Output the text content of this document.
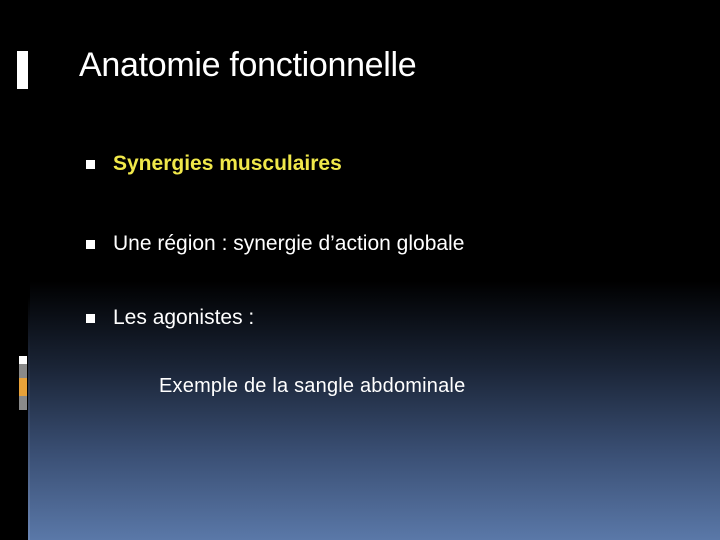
Anatomie fonctionnelle
Synergies musculaires
Une région : synergie d’action globale
Les agonistes :
Exemple de la sangle abdominale
